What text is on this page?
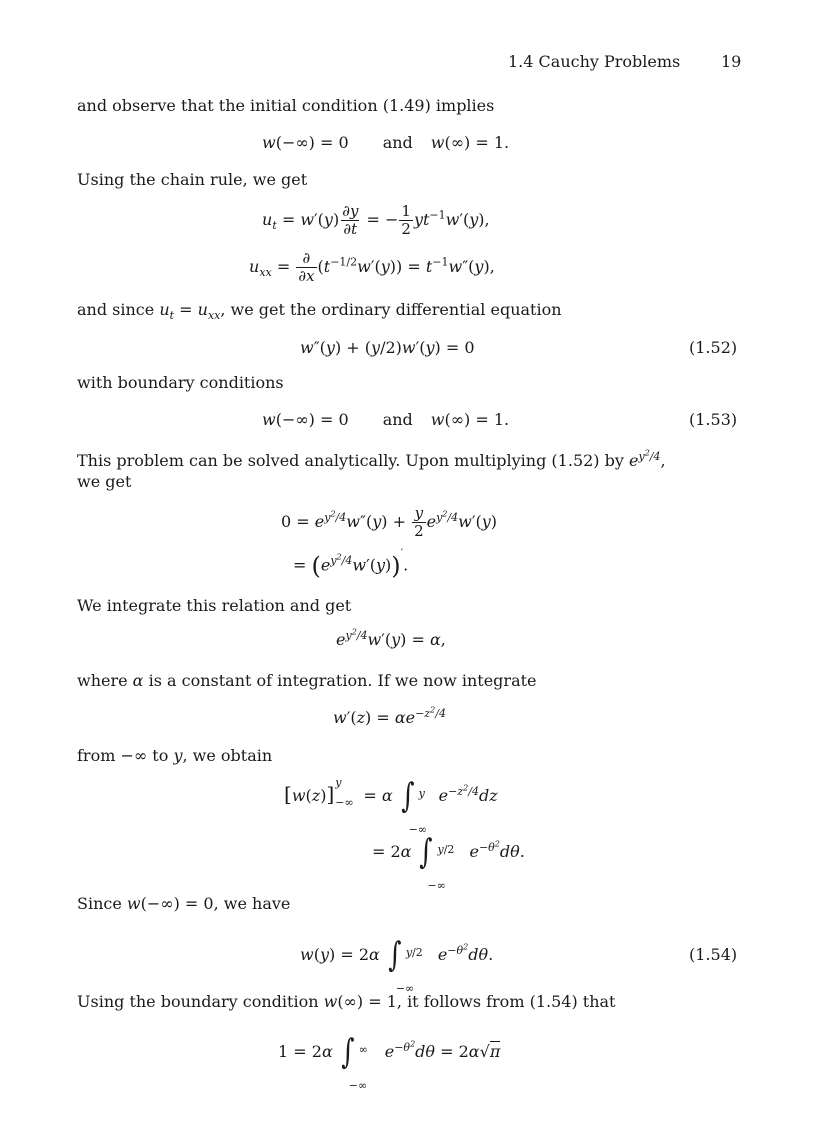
1.4 Cauchy Problems	19
and observe that the initial condition (1.49) implies
w(−∞) = 0 and w(∞) = 1.
Using the chain rule, we get
$u_t = w'(y) \frac{\partial y}{\partial t}$ = − $\frac{1}{2} yt^{-1}w'(y)$,
$u_{xx} = \frac{\partial}{\partial x} (t^{-1/2}w'(y)) = t^{-1}w''(y)$,
and since $u_t = u_{xx}$, we get the ordinary differential equation
w″(y) + (y/2)w′(y) = 0	(1.52)
with boundary conditions
w(−∞) = 0 and w(∞) = 1.	(1.53)
This problem can be solved analytically. Upon multiplying (1.52) by $e^{y^2/4}$,
we get
$0 = e^{y^2/4}w''(y) + \frac{y}{2} e^{y^2/4}w'(y)$
= $(e^{y^2/4}w'(y))'$.
We integrate this relation and get
$e^{y^2/4}w'(y) = \alpha$,
where α is a constant of integration. If we now integrate
$w'(z) = \alpha e^{-z^2/4}$
from −∞ to y, we obtain
[w(z)] y
−∞ = α ∫ y
−∞
$e^{-z^2/4}dz$
= 2α ∫ y/2
−∞
$e^{-\theta^2}d\theta$.
Since w(−∞) = 0, we have
w(y) = 2α ∫ y/2
−∞
$e^{-\theta^2}d\theta$.	(1.54)
Using the boundary condition w(∞) = 1, it follows from (1.54) that
1 = 2α ∫ ∞
−∞
$e^{-\theta^2}d\theta = 2\alpha√\pi$
